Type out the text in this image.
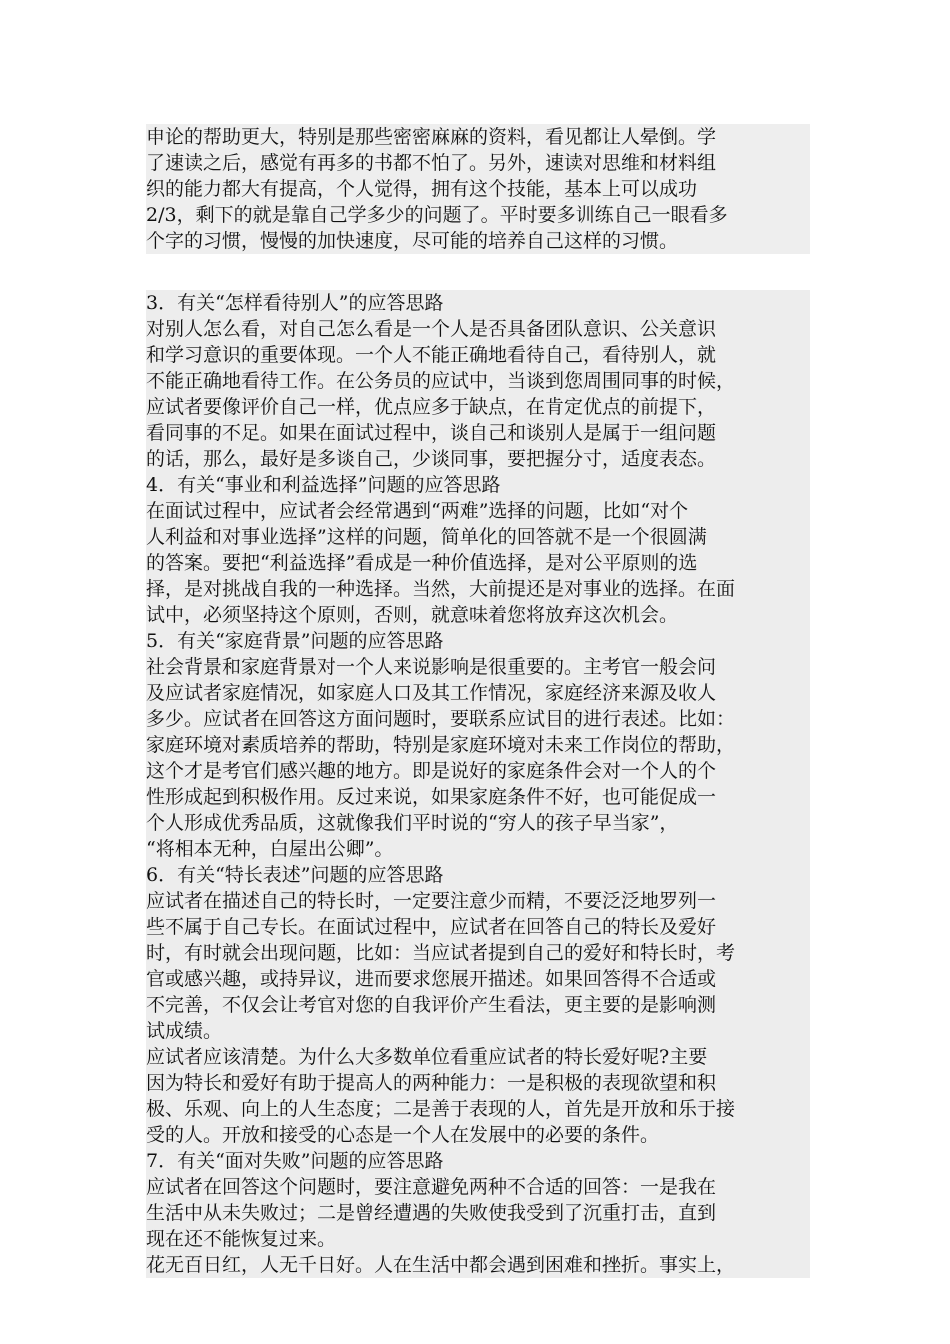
申论的帮助更大，特别是那些密密麻麻的资料，看见都让人晕倒。学
了速读之后，感觉有再多的书都不怕了。另外，速读对思维和材料组
织的能力都大有提高，个人觉得，拥有这个技能，基本上可以成功
2/3，剩下的就是靠自己学多少的问题了。平时要多训练自己一眼看多
个字的习惯，慢慢的加快速度，尽可能的培养自己这样的习惯。
3．有关“怎样看待别人”的应答思路
对别人怎么看，对自己怎么看是一个人是否具备团队意识、公关意识
和学习意识的重要体现。一个人不能正确地看待自己，看待别人，就
不能正确地看待工作。在公务员的应试中，当谈到您周围同事的时候，
应试者要像评价自己一样，优点应多于缺点，在肯定优点的前提下，
看同事的不足。如果在面试过程中，谈自己和谈别人是属于一组问题
的话，那么，最好是多谈自己，少谈同事，要把握分寸，适度表态。
4．有关“事业和利益选择”问题的应答思路
在面试过程中，应试者会经常遇到“两难”选择的问题，比如“对个
人利益和对事业选择”这样的问题，简单化的回答就不是一个很圆满
的答案。要把“利益选择”看成是一种价值选择，是对公平原则的选
择，是对挑战自我的一种选择。当然，大前提还是对事业的选择。在面
试中，必须坚持这个原则，否则，就意味着您将放弃这次机会。
5．有关“家庭背景”问题的应答思路
社会背景和家庭背景对一个人来说影响是很重要的。主考官一般会问
及应试者家庭情况，如家庭人口及其工作情况，家庭经济来源及收人
多少。应试者在回答这方面问题时，要联系应试目的进行表述。比如：
家庭环境对素质培养的帮助，特别是家庭环境对未来工作岗位的帮助，
这个才是考官们感兴趣的地方。即是说好的家庭条件会对一个人的个
性形成起到积极作用。反过来说，如果家庭条件不好，也可能促成一
个人形成优秀品质，这就像我们平时说的“穷人的孩子早当家”，
“将相本无种，白屋出公卿”。
6．有关“特长表述”问题的应答思路
应试者在描述自己的特长时，一定要注意少而精，不要泛泛地罗列一
些不属于自己专长。在面试过程中，应试者在回答自己的特长及爱好
时，有时就会出现问题，比如：当应试者提到自己的爱好和特长时，考
官或感兴趣，或持异议，进而要求您展开描述。如果回答得不合适或
不完善，不仅会让考官对您的自我评价产生看法，更主要的是影响测
试成绩。
应试者应该清楚。为什么大多数单位看重应试者的特长爱好呢?主要
因为特长和爱好有助于提高人的两种能力：一是积极的表现欲望和积
极、乐观、向上的人生态度；二是善于表现的人，首先是开放和乐于接
受的人。开放和接受的心态是一个人在发展中的必要的条件。
7．有关“面对失败”问题的应答思路
应试者在回答这个问题时，要注意避免两种不合适的回答：一是我在
生活中从未失败过；二是曾经遭遇的失败使我受到了沉重打击，直到
现在还不能恢复过来。
花无百日红，人无千日好。人在生活中都会遇到困难和挫折。事实上，
